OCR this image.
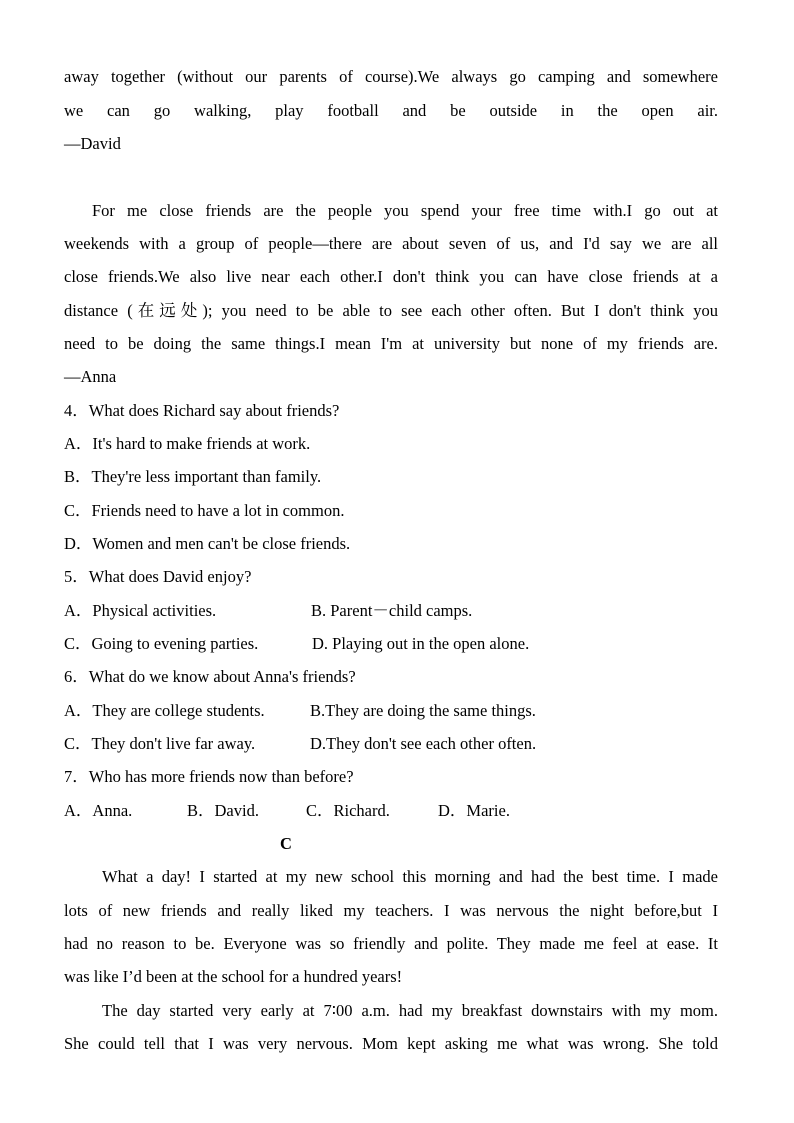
away together (without our parents of course).We always go camping and somewhere
we can go walking, play football and be outside in the open air.
—David
For me close friends are the people you spend your free time with.I go out at
weekends with a group of people—there are about seven of us, and I'd say we are all
close friends.We also live near each other.I don't think you can have close friends at a
distance (在远处); you need to be able to see each other often. But I don't think you
need to be doing the same things.I mean I'm at university but none of my friends are.
—Anna
4．What does Richard say about friends?
A．It's hard to make friends at work.
B．They're less important than family.
C．Friends need to have a lot in common.
D．Women and men can't be close friends.
5．What does David enjoy?
A．Physical activities.	B. Parent－child camps.
C．Going to evening parties.	D. Playing out in the open alone.
6．What do we know about Anna's friends?
A．They are college students.	B.They are doing the same things.
C．They don't live far away.	D.They don't see each other often.
7．Who has more friends now than before?
A．Anna.	B．David.	C．Richard.	D．Marie.
C
What a day! I started at my new school this morning and had the best time. I made
lots of new friends and really liked my teachers. I was nervous the night before,but I
had no reason to be. Everyone was so friendly and polite. They made me feel at ease. It
was like I’d been at the school for a hundred years!
The day started very early at 7∶00 a.m. had my breakfast downstairs with my mom.
She could tell that I was very nervous. Mom kept asking me what was wrong. She told
